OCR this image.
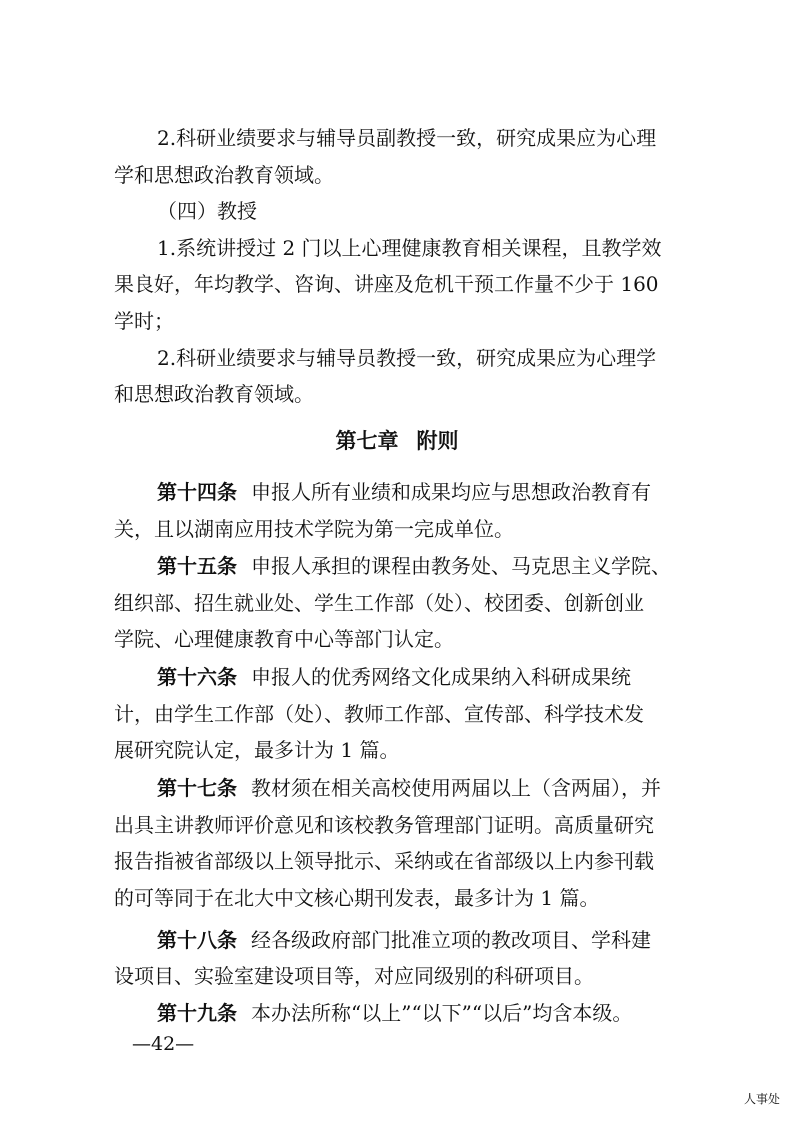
2.科研业绩要求与辅导员副教授一致，研究成果应为心理
学和思想政治教育领域。
（四）教授
1.系统讲授过 2 门以上心理健康教育相关课程，且教学效
果良好，年均教学、咨询、讲座及危机干预工作量不少于 160
学时；
2.科研业绩要求与辅导员教授一致，研究成果应为心理学
和思想政治教育领域。
第七章 附则
第十四条 申报人所有业绩和成果均应与思想政治教育有
关，且以湖南应用技术学院为第一完成单位。
第十五条 申报人承担的课程由教务处、马克思主义学院、
组织部、招生就业处、学生工作部（处）、校团委、创新创业
学院、心理健康教育中心等部门认定。
第十六条 申报人的优秀网络文化成果纳入科研成果统
计，由学生工作部（处）、教师工作部、宣传部、科学技术发
展研究院认定，最多计为 1 篇。
第十七条 教材须在相关高校使用两届以上（含两届），并
出具主讲教师评价意见和该校教务管理部门证明。高质量研究
报告指被省部级以上领导批示、采纳或在省部级以上内参刊载
的可等同于在北大中文核心期刊发表，最多计为 1 篇。
第十八条 经各级政府部门批准立项的教改项目、学科建
设项目、实验室建设项目等，对应同级别的科研项目。
第十九条 本办法所称“以上”“以下”“以后”均含本级。
—42—
人事处
